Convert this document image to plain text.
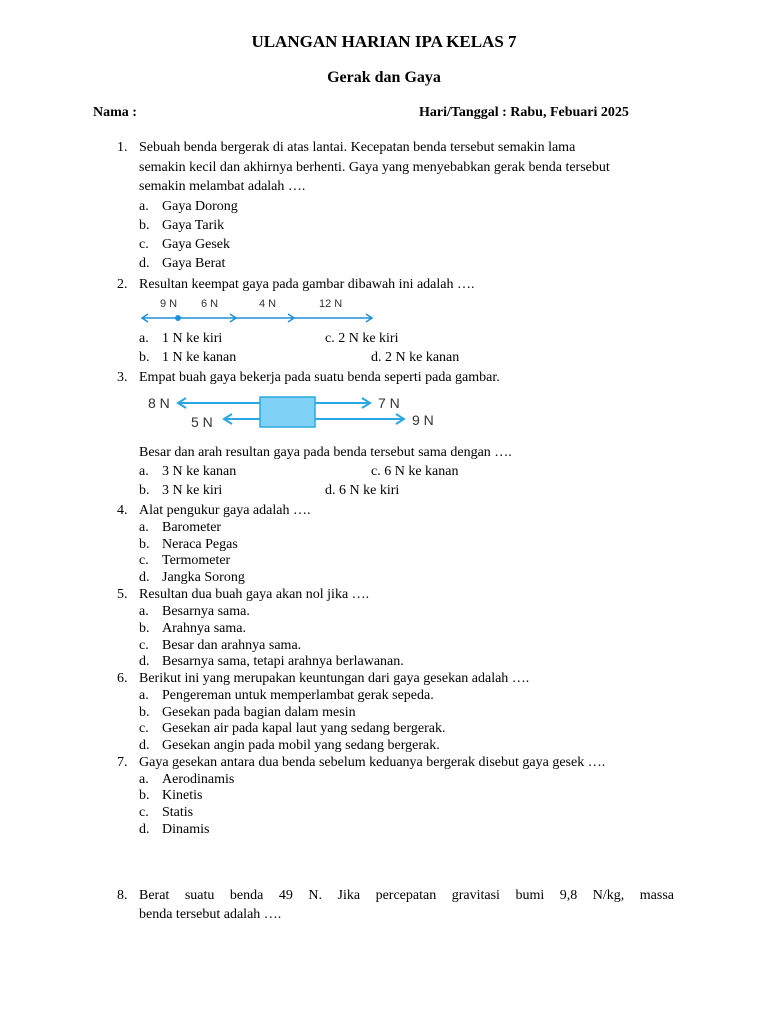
ULANGAN HARIAN IPA KELAS 7
Gerak dan Gaya
Nama :	Hari/Tanggal : Rabu, Febuari 2025
1. Sebuah benda bergerak di atas lantai. Kecepatan benda tersebut semakin lama
semakin kecil dan akhirnya berhenti. Gaya yang menyebabkan gerak benda tersebut
semakin melambat adalah ….
a. Gaya Dorong
b. Gaya Tarik
c. Gaya Gesek
d. Gaya Berat
2. Resultan keempat gaya pada gambar dibawah ini adalah ….
9 N 6 N	4 N	12 N
a. 1 N ke kiri	c. 2 N ke kiri
b. 1 N ke kanan	d. 2 N ke kanan
3. Empat buah gaya bekerja pada suatu benda seperti pada gambar.
8 N
5 N
7 N
9 N
Besar dan arah resultan gaya pada benda tersebut sama dengan ….
a. 3 N ke kanan	c. 6 N ke kanan
b. 3 N ke kiri	d. 6 N ke kiri
4. Alat pengukur gaya adalah ….
a. Barometer
b. Neraca Pegas
c. Termometer
d. Jangka Sorong
5. Resultan dua buah gaya akan nol jika ….
a. Besarnya sama.
b. Arahnya sama.
c. Besar dan arahnya sama.
d. Besarnya sama, tetapi arahnya berlawanan.
6. Berikut ini yang merupakan keuntungan dari gaya gesekan adalah ….
a. Pengereman untuk memperlambat gerak sepeda.
b. Gesekan pada bagian dalam mesin
c. Gesekan air pada kapal laut yang sedang bergerak.
d. Gesekan angin pada mobil yang sedang bergerak.
7. Gaya gesekan antara dua benda sebelum keduanya bergerak disebut gaya gesek ….
a. Aerodinamis
b. Kinetis
c. Statis
d. Dinamis
8. Berat suatu benda 49 N. Jika percepatan gravitasi bumi 9,8 N/kg, massa
benda tersebut adalah ….
